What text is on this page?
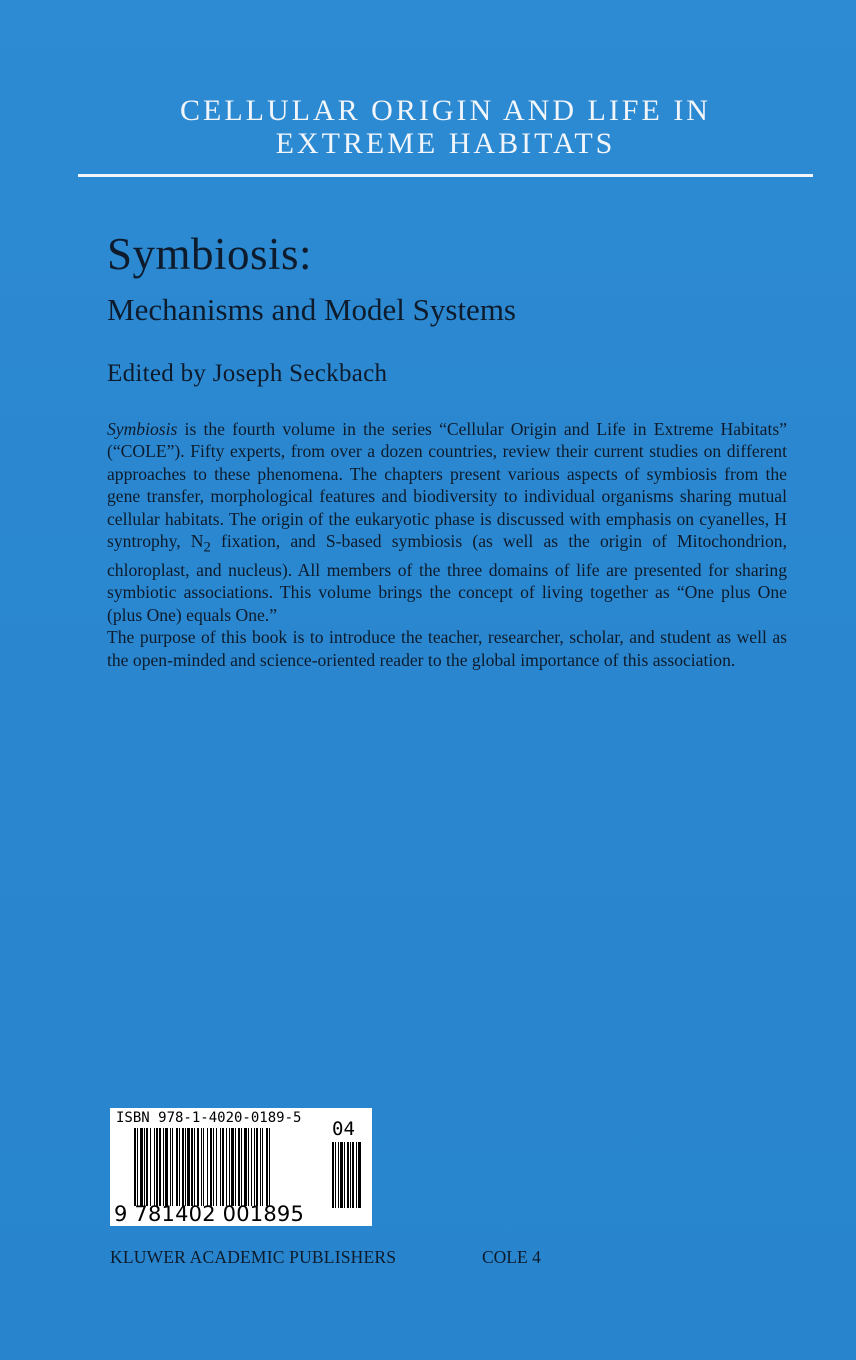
CELLULAR ORIGIN AND LIFE IN
EXTREME HABITATS
Symbiosis:
Mechanisms and Model Systems
Edited by Joseph Seckbach

Symbiosis is the fourth volume in the series “Cellular Origin and Life in Extreme Habitats” (“COLE”). Fifty experts, from over a dozen countries, review their current studies on different approaches to these phenomena. The chapters present various aspects of symbiosis from the gene transfer, morphological features and biodiversity to individual organisms sharing mutual cellular habitats. The origin of the eukaryotic phase is discussed with emphasis on cyanelles, H syntrophy, $N_2$ fixation, and S-based symbiosis (as well as the origin of Mitochondrion, chloroplast, and nucleus). All members of the three domains of life are presented for sharing symbiotic associations. This volume brings the concept of living together as “One plus One (plus One) equals One.”

The purpose of this book is to introduce the teacher, researcher, scholar, and student as well as the open-minded and science-oriented reader to the global importance of this association.

ISBN 978-1-4020-0189-5 04
9 781402 001895
KLUWER ACADEMIC PUBLISHERS	COLE 4
